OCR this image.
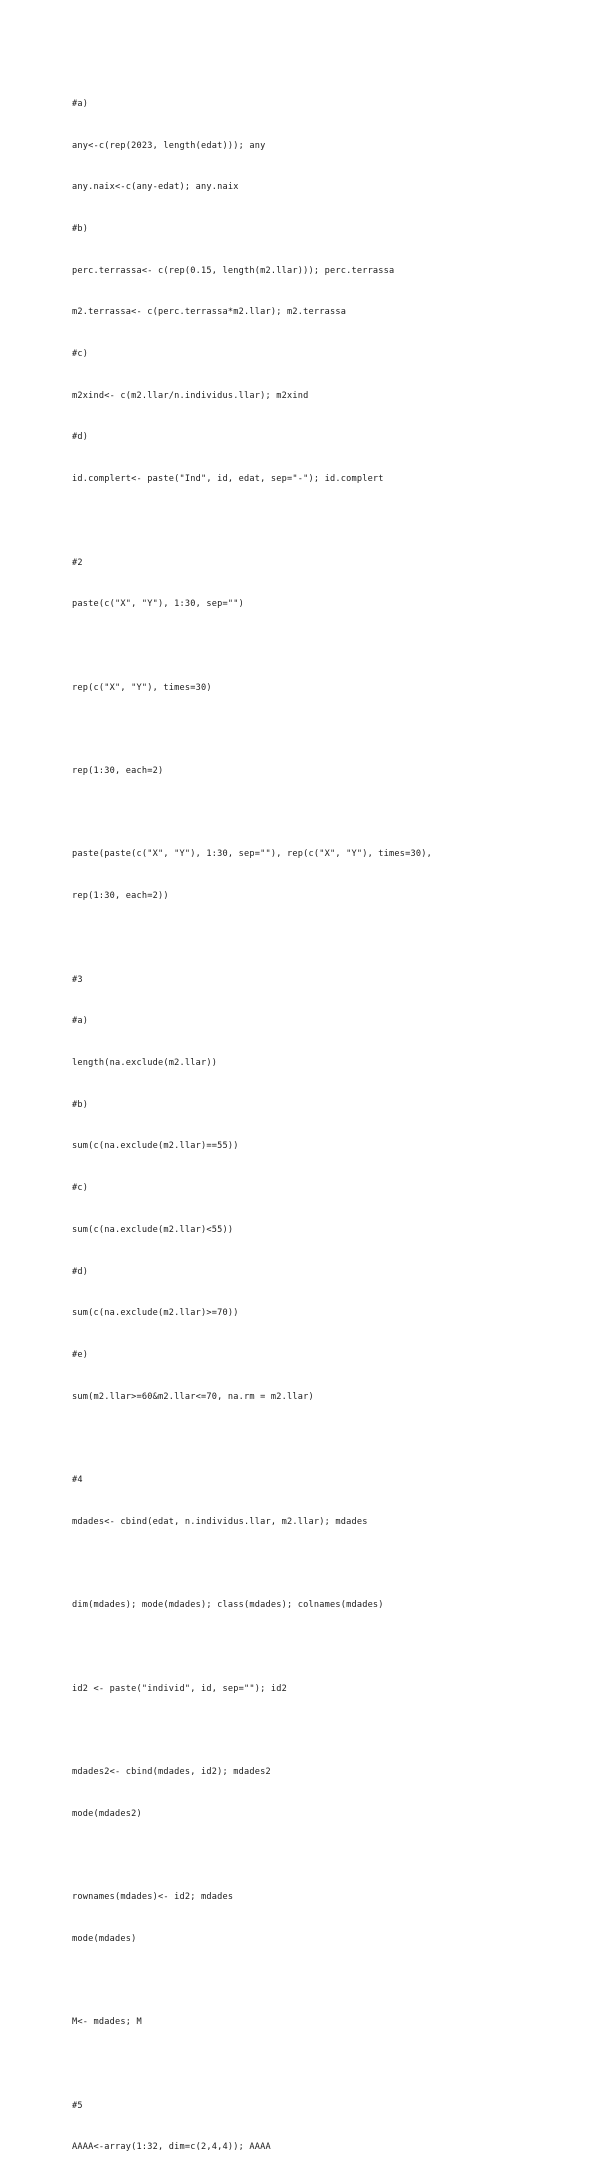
#a)

any<-c(rep(2023, length(edat))); any

any.naix<-c(any-edat); any.naix

#b)

perc.terrassa<- c(rep(0.15, length(m2.llar))); perc.terrassa

m2.terrassa<- c(perc.terrassa*m2.llar); m2.terrassa

#c)

m2xind<- c(m2.llar/n.individus.llar); m2xind

#d)

id.complert<- paste("Ind", id, edat, sep="-"); id.complert

#2

paste(c("X", "Y"), 1:30, sep="")

rep(c("X", "Y"), times=30)

rep(1:30, each=2)

paste(paste(c("X", "Y"), 1:30, sep=""), rep(c("X", "Y"), times=30),

rep(1:30, each=2))

#3

#a)

length(na.exclude(m2.llar))

#b)

sum(c(na.exclude(m2.llar)==55))

#c)

sum(c(na.exclude(m2.llar)<55))

#d)

sum(c(na.exclude(m2.llar)>=70))

#e)

sum(m2.llar>=60&m2.llar<=70, na.rm = m2.llar)

#4

mdades<- cbind(edat, n.individus.llar, m2.llar); mdades

dim(mdades); mode(mdades); class(mdades); colnames(mdades)

id2 <- paste("individ", id, sep=""); id2

mdades2<- cbind(mdades, id2); mdades2

mode(mdades2)

rownames(mdades)<- id2; mdades

mode(mdades)

M<- mdades; M

#5

AAAA<-array(1:32, dim=c(2,4,4)); AAAA
